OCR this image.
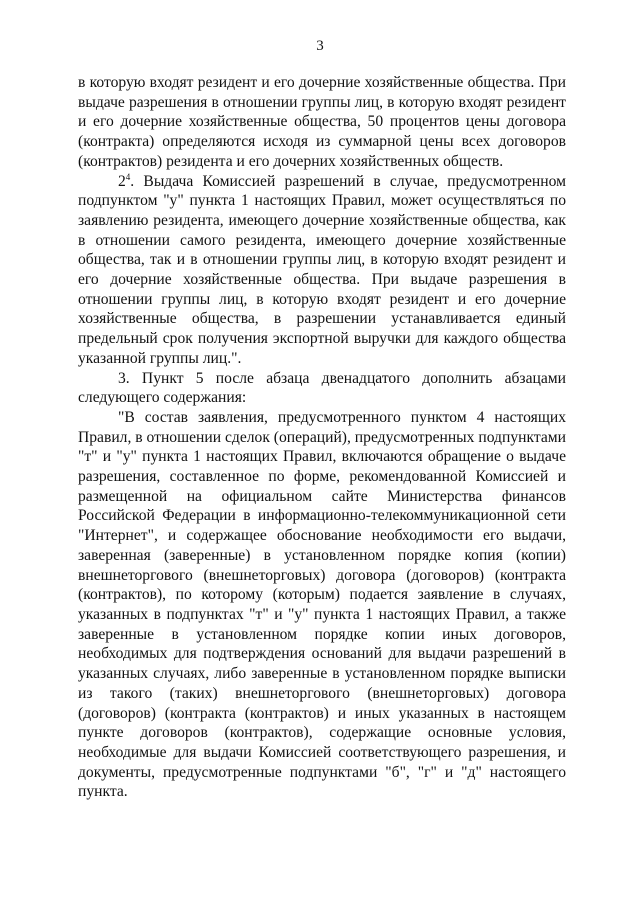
3

в которую входят резидент и его дочерние хозяйственные общества. При выдаче разрешения в отношении группы лиц, в которую входят резидент и его дочерние хозяйственные общества, 50 процентов цены договора (контракта) определяются исходя из суммарной цены всех договоров (контрактов) резидента и его дочерних хозяйственных обществ.

$2^4$. Выдача Комиссией разрешений в случае, предусмотренном подпунктом "у" пункта 1 настоящих Правил, может осуществляться по заявлению резидента, имеющего дочерние хозяйственные общества, как в отношении самого резидента, имеющего дочерние хозяйственные общества, так и в отношении группы лиц, в которую входят резидент и его дочерние хозяйственные общества. При выдаче разрешения в отношении группы лиц, в которую входят резидент и его дочерние хозяйственные общества, в разрешении устанавливается единый предельный срок получения экспортной выручки для каждого общества указанной группы лиц.".

3. Пункт 5 после абзаца двенадцатого дополнить абзацами следующего содержания:

"В состав заявления, предусмотренного пунктом 4 настоящих Правил, в отношении сделок (операций), предусмотренных подпунктами "т" и "у" пункта 1 настоящих Правил, включаются обращение о выдаче разрешения, составленное по форме, рекомендованной Комиссией и размещенной на официальном сайте Министерства финансов Российской Федерации в информационно-телекоммуникационной сети "Интернет", и содержащее обоснование необходимости его выдачи, заверенная (заверенные) в установленном порядке копия (копии) внешнеторгового (внешнеторговых) договора (договоров) (контракта (контрактов), по которому (которым) подается заявление в случаях, указанных в подпунктах "т" и "у" пункта 1 настоящих Правил, а также заверенные в установленном порядке копии иных договоров, необходимых для подтверждения оснований для выдачи разрешений в указанных случаях, либо заверенные в установленном порядке выписки из такого (таких) внешнеторгового (внешнеторговых) договора (договоров) (контракта (контрактов) и иных указанных в настоящем пункте договоров (контрактов), содержащие основные условия, необходимые для выдачи Комиссией соответствующего разрешения, и документы, предусмотренные подпунктами "б", "г" и "д" настоящего пункта.
